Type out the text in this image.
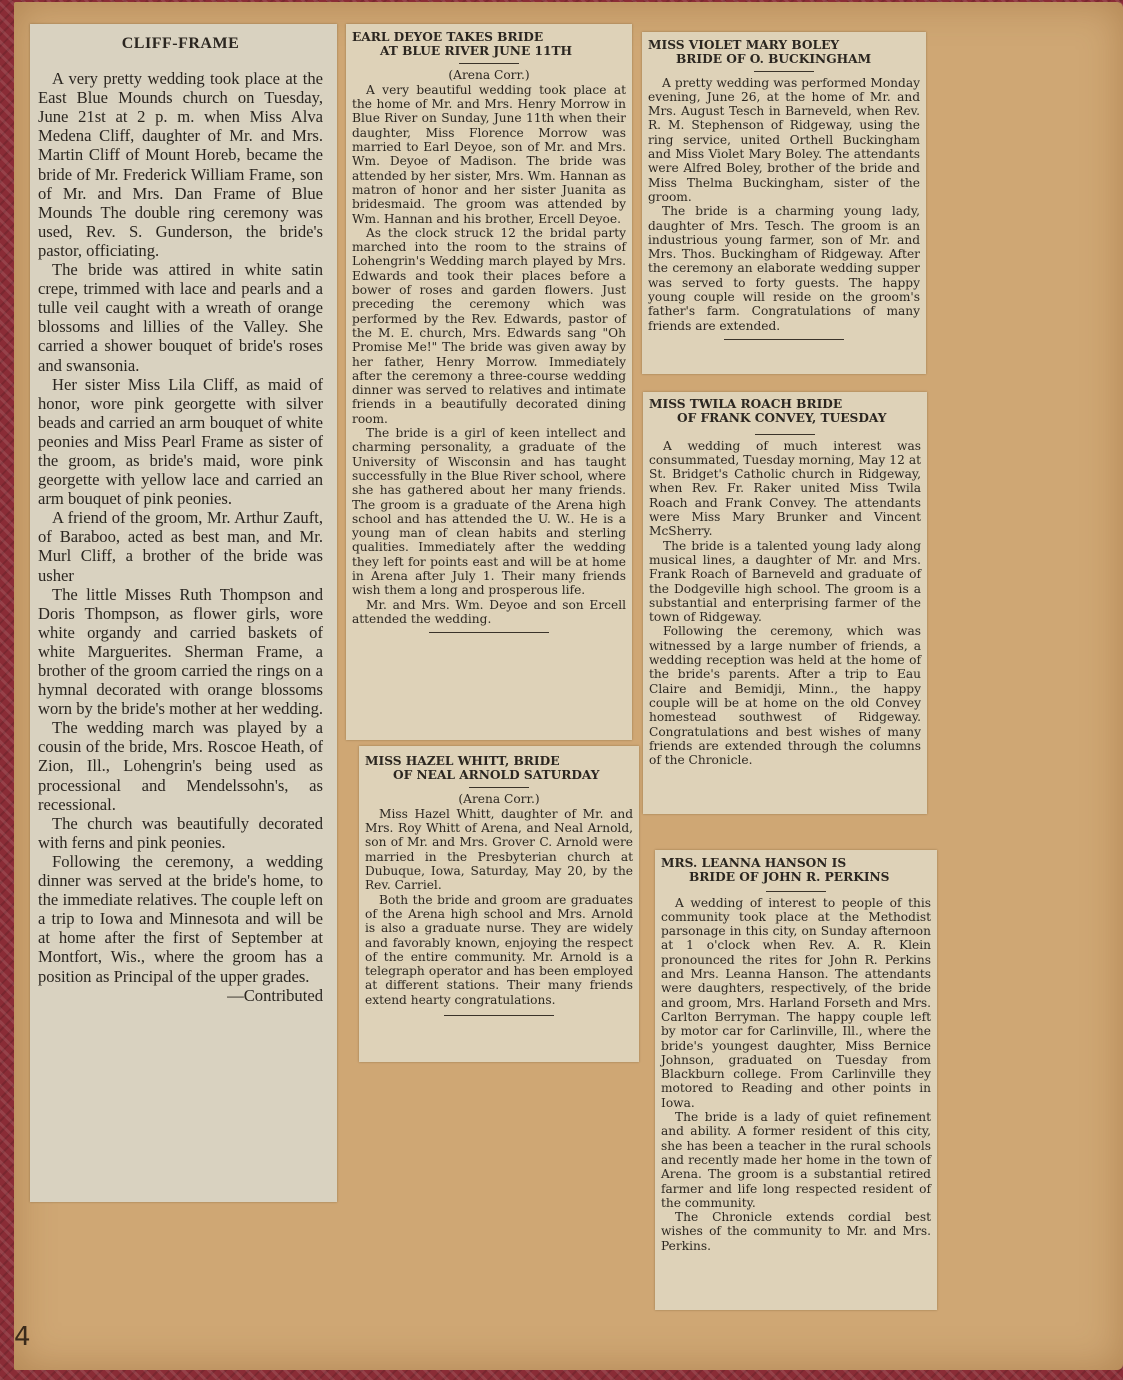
4
CLIFF-FRAME

A very pretty wedding took place at the East Blue Mounds church on Tuesday, June 21st at 2 p. m. when Miss Alva Medena Cliff, daughter of Mr. and Mrs. Martin Cliff of Mount Horeb, became the bride of Mr. Frederick William Frame, son of Mr. and Mrs. Dan Frame of Blue Mounds The double ring ceremony was used, Rev. S. Gunderson, the bride's pastor, officiating.

The bride was attired in white satin crepe, trimmed with lace and pearls and a tulle veil caught with a wreath of orange blossoms and lillies of the Valley. She carried a shower bouquet of bride's roses and swansonia.

Her sister Miss Lila Cliff, as maid of honor, wore pink georgette with silver beads and carried an arm bouquet of white peonies and Miss Pearl Frame as sister of the groom, as bride's maid, wore pink georgette with yellow lace and carried an arm bouquet of pink peonies.

A friend of the groom, Mr. Arthur Zauft, of Baraboo, acted as best man, and Mr. Murl Cliff, a brother of the bride was usher

The little Misses Ruth Thompson and Doris Thompson, as flower girls, wore white organdy and carried baskets of white Marguerites. Sherman Frame, a brother of the groom carried the rings on a hymnal decorated with orange blossoms worn by the bride's mother at her wedding.

The wedding march was played by a cousin of the bride, Mrs. Roscoe Heath, of Zion, Ill., Lohengrin's being used as processional and Mendelssohn's, as recessional.

The church was beautifully decorated with ferns and pink peonies.

Following the ceremony, a wedding dinner was served at the bride's home, to the immediate relatives. The couple left on a trip to Iowa and Minnesota and will be at home after the first of September at Montfort, Wis., where the groom has a position as Principal of the upper grades.

—Contributed
EARL DEYOE TAKES BRIDE
AT BLUE RIVER JUNE 11TH
(Arena Corr.)

A very beautiful wedding took place at the home of Mr. and Mrs. Henry Morrow in Blue River on Sunday, June 11th when their daughter, Miss Florence Morrow was married to Earl Deyoe, son of Mr. and Mrs. Wm. Deyoe of Madison. The bride was attended by her sister, Mrs. Wm. Hannan as matron of honor and her sister Juanita as bridesmaid. The groom was attended by Wm. Hannan and his brother, Ercell Deyoe.

As the clock struck 12 the bridal party marched into the room to the strains of Lohengrin's Wedding march played by Mrs. Edwards and took their places before a bower of roses and garden flowers. Just preceding the ceremony which was performed by the Rev. Edwards, pastor of the M. E. church, Mrs. Edwards sang "Oh Promise Me!" The bride was given away by her father, Henry Morrow. Immediately after the ceremony a three-course wedding dinner was served to relatives and intimate friends in a beautifully decorated dining room.

The bride is a girl of keen intellect and charming personality, a graduate of the University of Wisconsin and has taught successfully in the Blue River school, where she has gathered about her many friends. The groom is a graduate of the Arena high school and has attended the U. W.. He is a young man of clean habits and sterling qualities. Immediately after the wedding they left for points east and will be at home in Arena after July 1. Their many friends wish them a long and prosperous life.

Mr. and Mrs. Wm. Deyoe and son Ercell attended the wedding.

MISS HAZEL WHITT, BRIDE
OF NEAL ARNOLD SATURDAY
(Arena Corr.)

Miss Hazel Whitt, daughter of Mr. and Mrs. Roy Whitt of Arena, and Neal Arnold, son of Mr. and Mrs. Grover C. Arnold were married in the Presbyterian church at Dubuque, Iowa, Saturday, May 20, by the Rev. Carriel.

Both the bride and groom are graduates of the Arena high school and Mrs. Arnold is also a graduate nurse. They are widely and favorably known, enjoying the respect of the entire community. Mr. Arnold is a telegraph operator and has been employed at different stations. Their many friends extend hearty congratulations.

MISS VIOLET MARY BOLEY
BRIDE OF O. BUCKINGHAM

A pretty wedding was performed Monday evening, June 26, at the home of Mr. and Mrs. August Tesch in Barneveld, when Rev. R. M. Stephenson of Ridgeway, using the ring service, united Orthell Buckingham and Miss Violet Mary Boley. The attendants were Alfred Boley, brother of the bride and Miss Thelma Buckingham, sister of the groom.

The bride is a charming young lady, daughter of Mrs. Tesch. The groom is an industrious young farmer, son of Mr. and Mrs. Thos. Buckingham of Ridgeway. After the ceremony an elaborate wedding supper was served to forty guests. The happy young couple will reside on the groom's father's farm. Congratulations of many friends are extended.

MISS TWILA ROACH BRIDE
OF FRANK CONVEY, TUESDAY

A wedding of much interest was consummated, Tuesday morning, May 12 at St. Bridget's Catholic church in Ridgeway, when Rev. Fr. Raker united Miss Twila Roach and Frank Convey. The attendants were Miss Mary Brunker and Vincent McSherry.

The bride is a talented young lady along musical lines, a daughter of Mr. and Mrs. Frank Roach of Barneveld and graduate of the Dodgeville high school. The groom is a substantial and enterprising farmer of the town of Ridgeway.

Following the ceremony, which was witnessed by a large number of friends, a wedding reception was held at the home of the bride's parents. After a trip to Eau Claire and Bemidji, Minn., the happy couple will be at home on the old Convey homestead southwest of Ridgeway. Congratulations and best wishes of many friends are extended through the columns of the Chronicle.

MRS. LEANNA HANSON IS
BRIDE OF JOHN R. PERKINS

A wedding of interest to people of this community took place at the Methodist parsonage in this city, on Sunday afternoon at 1 o'clock when Rev. A. R. Klein pronounced the rites for John R. Perkins and Mrs. Leanna Hanson. The attendants were daughters, respectively, of the bride and groom, Mrs. Harland Forseth and Mrs. Carlton Berryman. The happy couple left by motor car for Carlinville, Ill., where the bride's youngest daughter, Miss Bernice Johnson, graduated on Tuesday from Blackburn college. From Carlinville they motored to Reading and other points in Iowa.

The bride is a lady of quiet refinement and ability. A former resident of this city, she has been a teacher in the rural schools and recently made her home in the town of Arena. The groom is a substantial retired farmer and life long respected resident of the community.

The Chronicle extends cordial best wishes of the community to Mr. and Mrs. Perkins.
